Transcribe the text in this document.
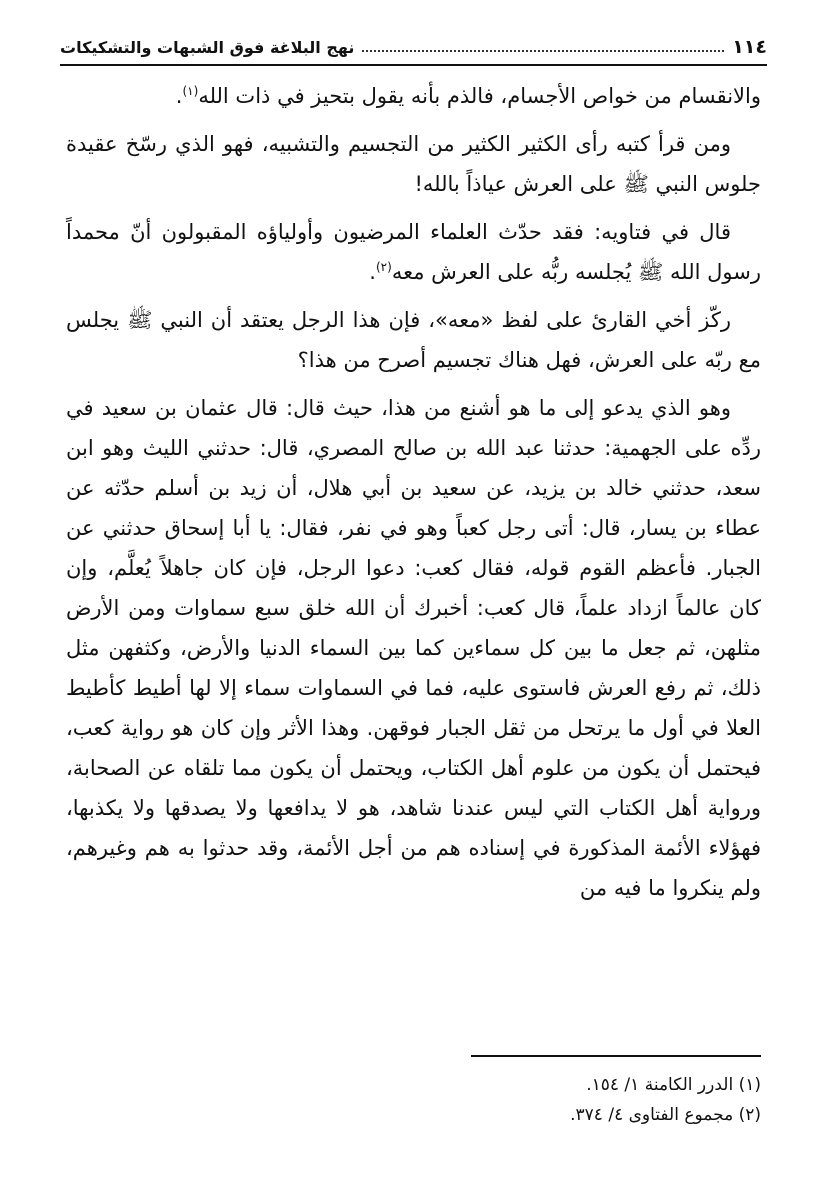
١١٤
نهج البلاغة فوق الشبهات والتشكيكات

والانقسام من خواص الأجسام، فالذم بأنه يقول بتحيز في ذات الله$^{(١)}$.

ومن قرأ كتبه رأى الكثير الكثير من التجسيم والتشبيه، فهو الذي رسّخ عقيدة جلوس النبي ﷺ على العرش عياذاً بالله!

قال في فتاويه: فقد حدّث العلماء المرضيون وأولياؤه المقبولون أنّ محمداً رسول الله ﷺ يُجلسه ربُّه على العرش معه$^{(٢)}$.

ركّز أخي القارئ على لفظ «معه»، فإن هذا الرجل يعتقد أن النبي ﷺ يجلس مع ربّه على العرش، فهل هناك تجسيم أصرح من هذا؟

وهو الذي يدعو إلى ما هو أشنع من هذا، حيث قال: قال عثمان بن سعيد في ردِّه على الجهمية: حدثنا عبد الله بن صالح المصري، قال: حدثني الليث وهو ابن سعد، حدثني خالد بن يزيد، عن سعيد بن أبي هلال، أن زيد بن أسلم حدّثه عن عطاء بن يسار، قال: أتى رجل كعباً وهو في نفر، فقال: يا أبا إسحاق حدثني عن الجبار. فأعظم القوم قوله، فقال كعب: دعوا الرجل، فإن كان جاهلاً يُعلَّم، وإن كان عالماً ازداد علماً، قال كعب: أخبرك أن الله خلق سبع سماوات ومن الأرض مثلهن، ثم جعل ما بين كل سماءين كما بين السماء الدنيا والأرض، وكثفهن مثل ذلك، ثم رفع العرش فاستوى عليه، فما في السماوات سماء إلا لها أطيط كأطيط العلا في أول ما يرتحل من ثقل الجبار فوقهن. وهذا الأثر وإن كان هو رواية كعب، فيحتمل أن يكون من علوم أهل الكتاب، ويحتمل أن يكون مما تلقاه عن الصحابة، ورواية أهل الكتاب التي ليس عندنا شاهد، هو لا يدافعها ولا يصدقها ولا يكذبها، فهؤلاء الأئمة المذكورة في إسناده هم من أجل الأئمة، وقد حدثوا به هم وغيرهم، ولم ينكروا ما فيه من

(١) الدرر الكامنة ١/ ١٥٤.

(٢) مجموع الفتاوى ٤/ ٣٧٤.
